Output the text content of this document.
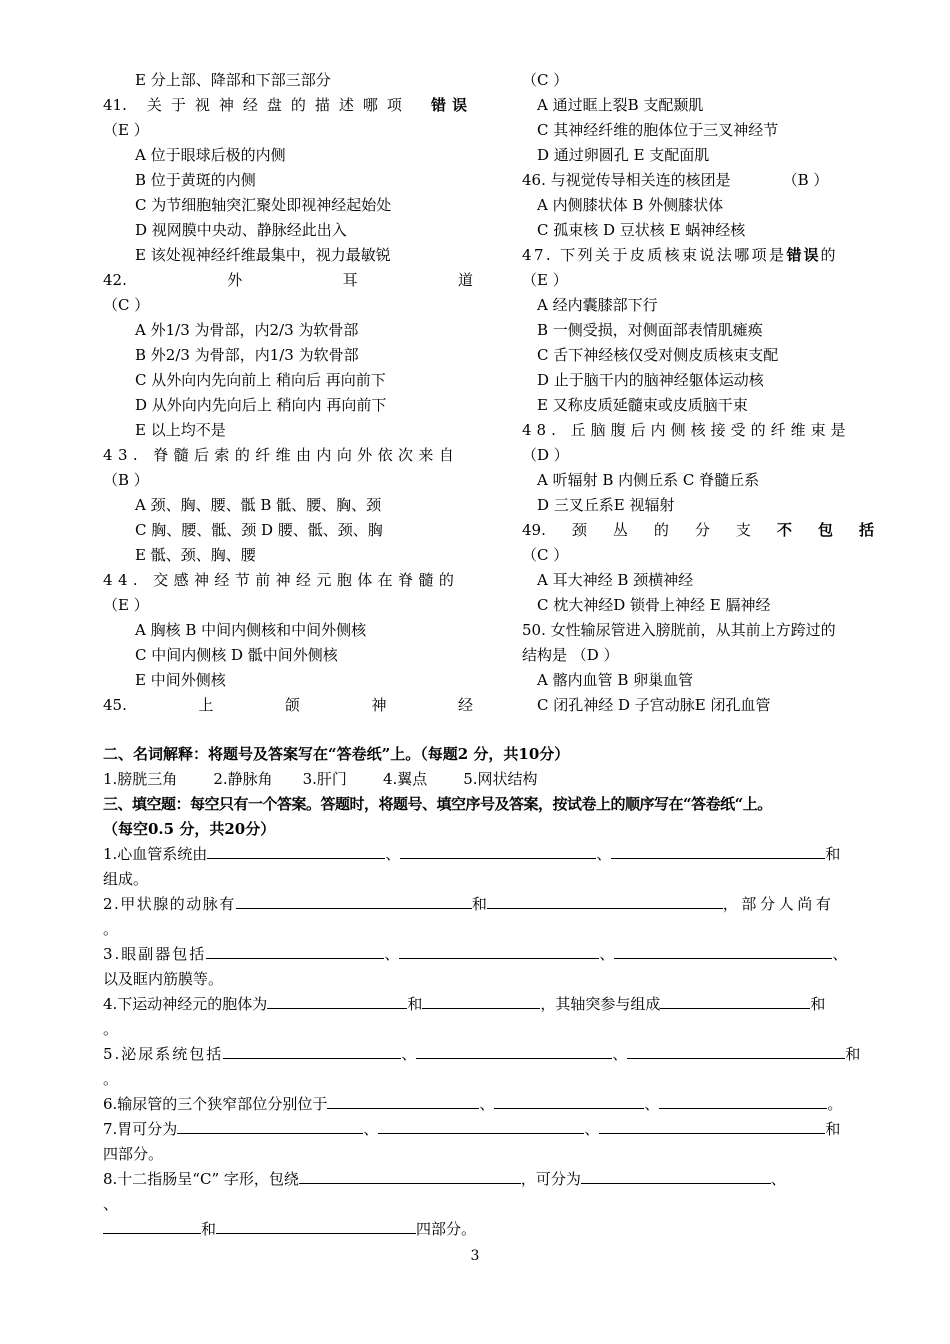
E 分上部、降部和下部三部分
41. 关于视神经盘的描述哪项 错误
（E ）
A 位于眼球后极的内侧
B 位于黄斑的内侧
C 为节细胞轴突汇聚处即视神经起始处
D 视网膜中央动、静脉经此出入
E 该处视神经纤维最集中，视力最敏锐
42.	外	耳	道
（C ）
A 外1/3 为骨部，内2/3 为软骨部
B 外2/3 为骨部，内1/3 为软骨部
C 从外向内先向前上 稍向后 再向前下
D 从外向内先向后上 稍向内 再向前下
E 以上均不是
43. 脊髓后索的纤维由内向外依次来自
（B ）
A 颈、胸、腰、骶 B 骶、腰、胸、颈
C 胸、腰、骶、颈 D 腰、骶、颈、胸
E 骶、颈、胸、腰
44. 交感神经节前神经元胞体在脊髓的
（E ）
A 胸核 B 中间内侧核和中间外侧核
C 中间内侧核 D 骶中间外侧核
E 中间外侧核
45.	上	颌	神	经
（C ）
A 通过眶上裂B 支配颞肌
C 其神经纤维的胞体位于三叉神经节
D 通过卵圆孔 E 支配面肌
46. 与视觉传导相关连的核团是	（B ）
A 内侧膝状体 B 外侧膝状体
C 孤束核 D 豆状核 E 蜗神经核
47. 下列关于皮质核束说法哪项是错误的
（E ）
A 经内囊膝部下行
B 一侧受损，对侧面部表情肌瘫痪
C 舌下神经核仅受对侧皮质核束支配
D 止于脑干内的脑神经躯体运动核
E 又称皮质延髓束或皮质脑干束
48. 丘脑腹后内侧核接受的纤维束是
（D ）
A 听辐射 B 内侧丘系 C 脊髓丘系
D 三叉丘系E 视辐射
49. 颈 丛 的 分 支 不 包 括
（C ）
A 耳大神经 B 颈横神经
C 枕大神经D 锁骨上神经 E 膈神经
50. 女性输尿管进入膀胱前，从其前上方跨过的
结构是 （D ）
A 髂内血管 B 卵巢血管
C 闭孔神经 D 子宫动脉E 闭孔血管
二、名词解释：将题号及答案写在“答卷纸”上。（每题2 分，共10分）
1.膀胱三角 2.静脉角 3.肝门 4.翼点 5.网状结构
三、填空题：每空只有一个答案。答题时，将题号、填空序号及答案，按试卷上的顺序写在“答卷纸“上。
（每空0.5 分，共20分）
1.心血管系统由	、	、	和
组成。
2.甲状腺的动脉有	和	，部分人尚有
。
3.眼副器包括	、	、	、
以及眶内筋膜等。
4.下运动神经元的胞体为	和	，其轴突参与组成	和
。
5.泌尿系统包括	、	、	和
。
6.输尿管的三个狭窄部位分别位于	、	、	。
7.胃可分为	、	、	和
四部分。
8.十二指肠呈“C” 字形，包绕	，可分为	、
、
和	四部分。
3
